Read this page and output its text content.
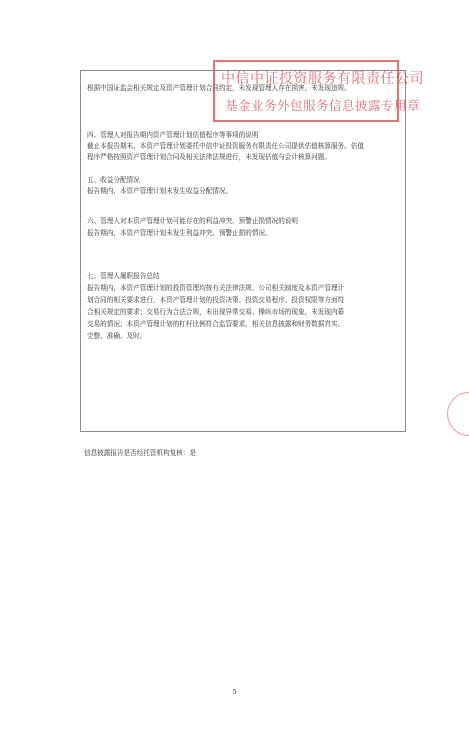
根据中国证监会相关规定及资产管理计划合同约定，未发现管理人存在损害，未发现违规。
四、管理人对报告期内资产管理计划估值程序等事项的说明
截止本报告期末，本资产管理计划委托中信中证投资服务有限责任公司提供估值核算服务。估值
程序严格按照资产管理计划合同及相关法律法规进行，未发现估值与会计核算问题。
五、收益分配情况
报告期内，本资产管理计划未发生收益分配情况。
六、管理人对本资产管理计划可能存在的利益冲突、预警止损情况的说明
报告期内，本资产管理计划未发生利益冲突、预警止损的情况。
七、管理人履职报告总结
报告期内，本资产管理计划的投资管理均按有关法律法规、公司相关制度及本资产管理计
划合同的相关要求进行，本资产管理计划的投资决策、投资交易程序、投资权限等方面符
合相关规定的要求；交易行为合法合规，未出现异常交易、操纵市场的现象，未发现内幕
交易的情况；本资产管理计划的杠杆比例符合监管要求，相关信息披露和财务数据真实、
完整、准确、及时。
中信中证投资服务有限责任公司
基金业务外包服务信息披露专用章
信息披露报告是否经托管机构复核：是
5
